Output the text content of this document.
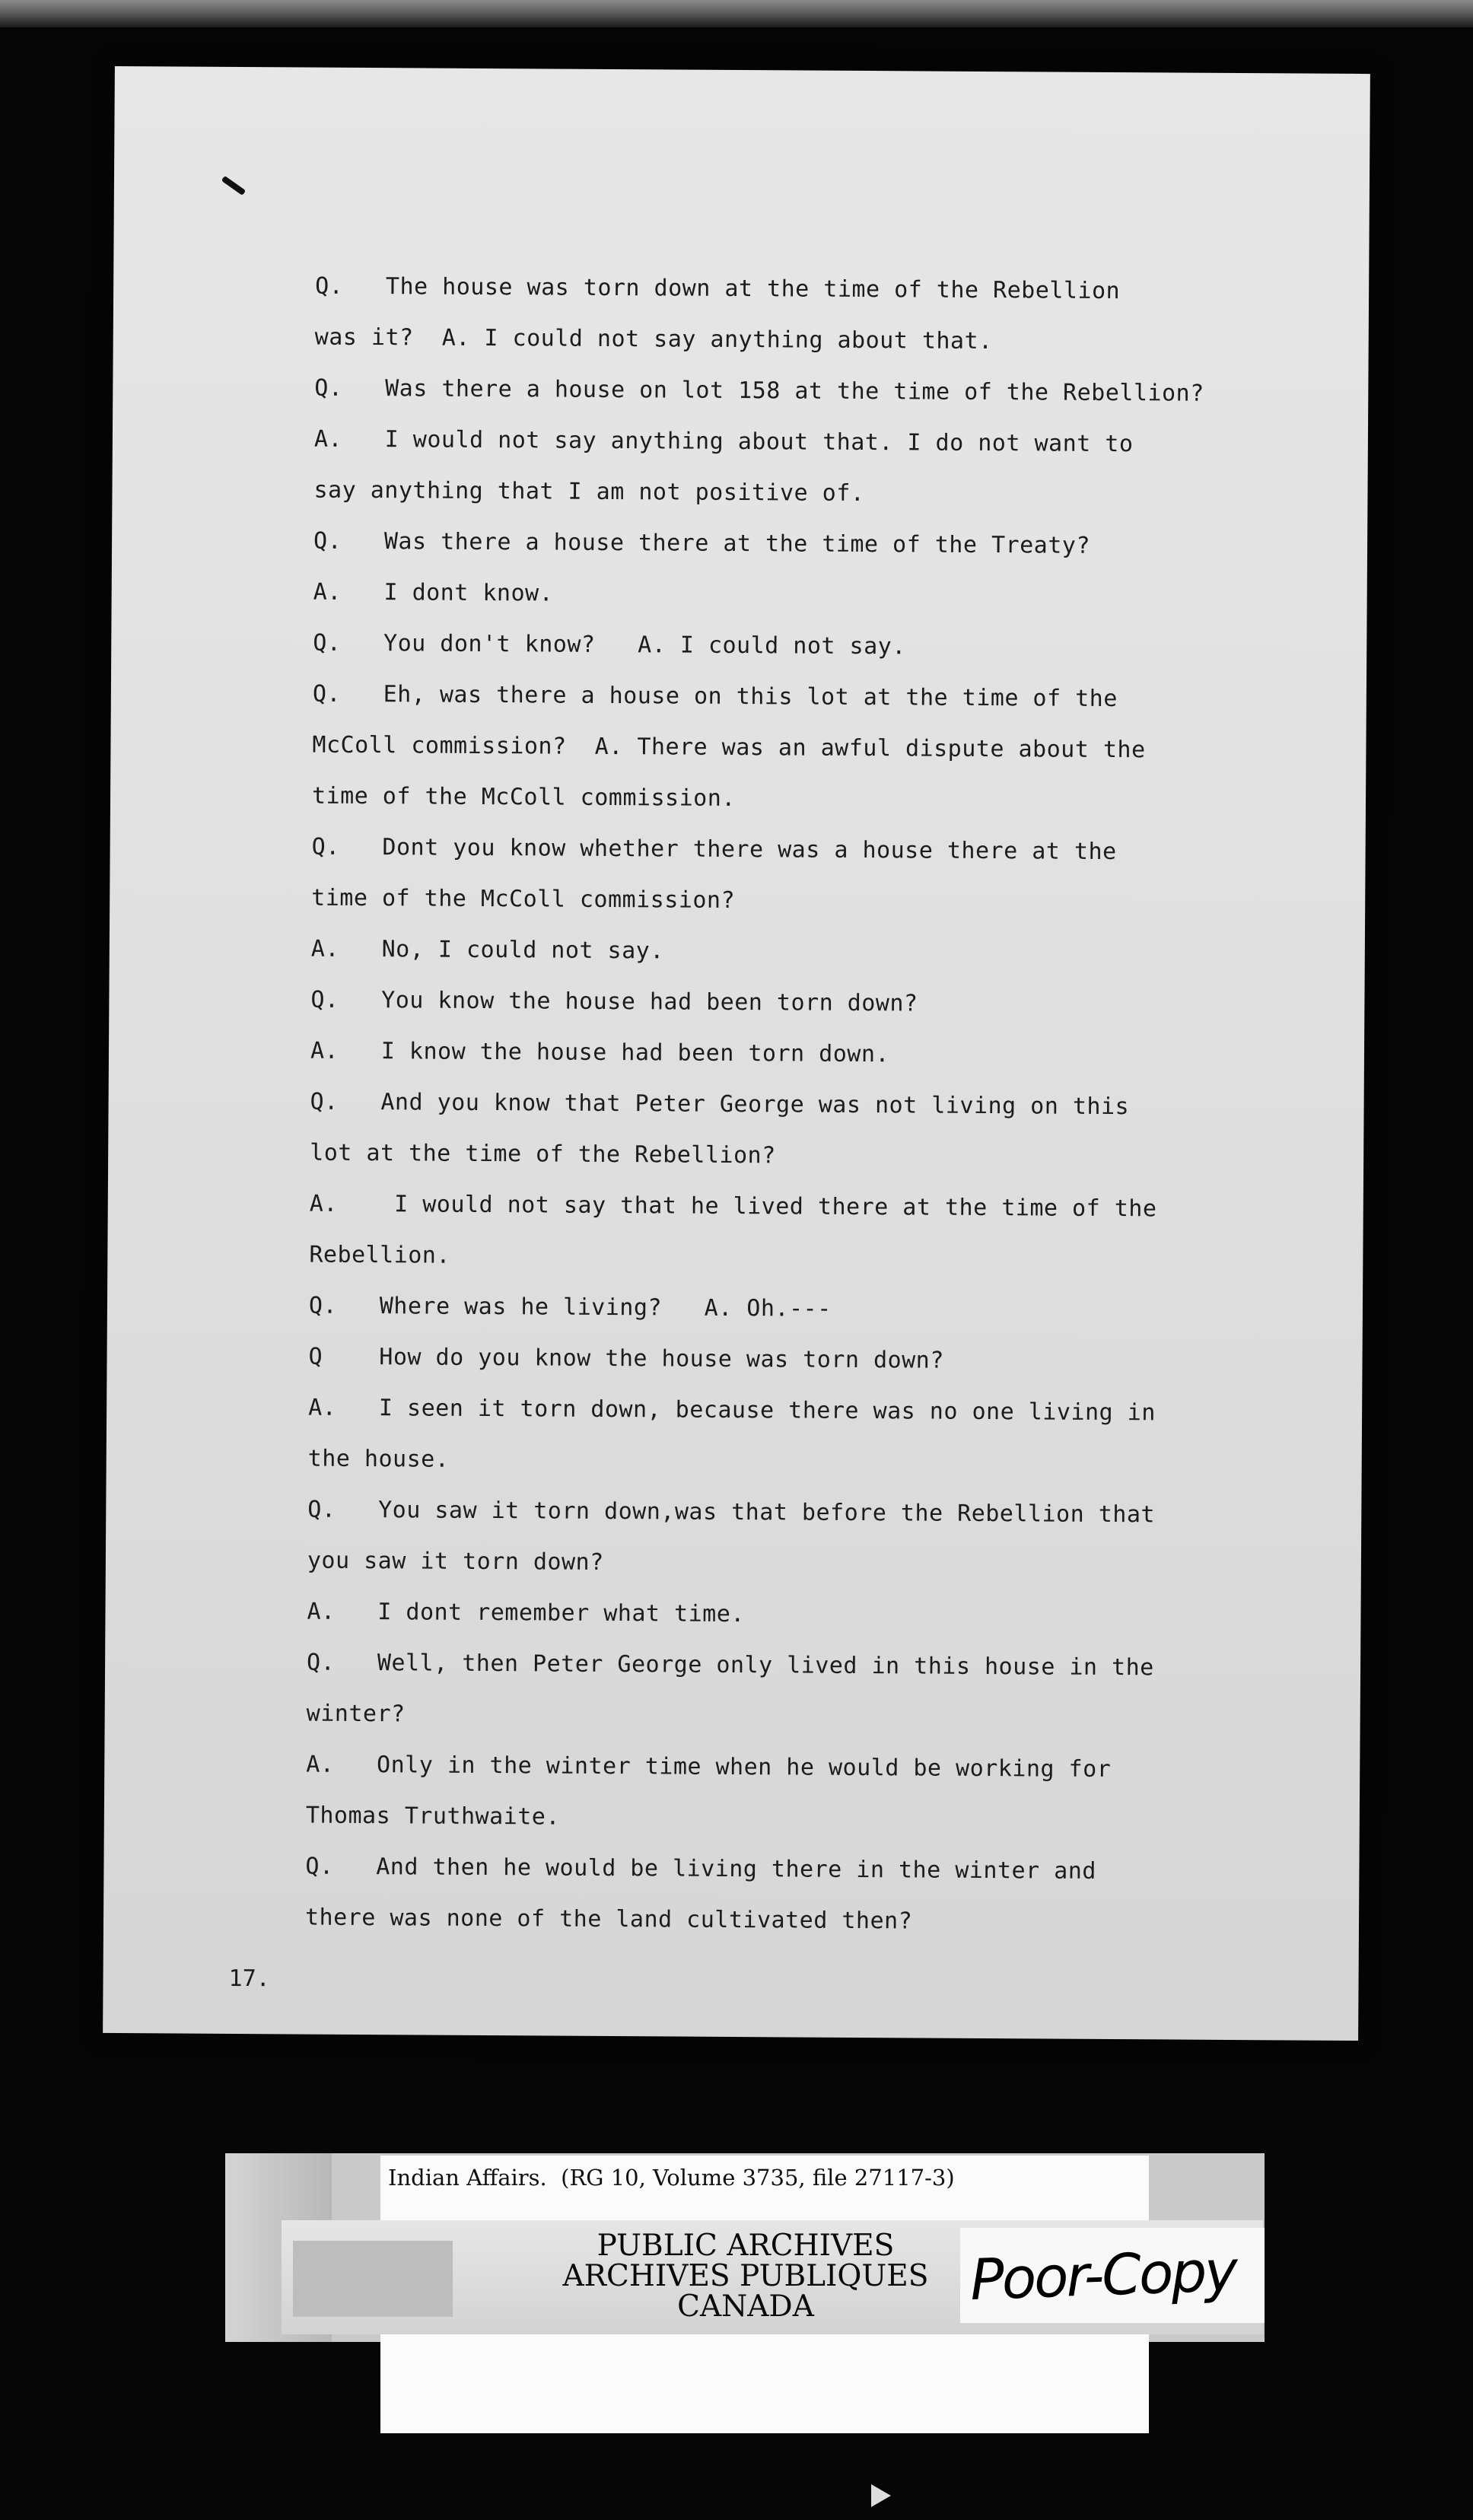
Q.   The house was torn down at the time of the Rebellion
was it?  A. I could not say anything about that.
Q.   Was there a house on lot 158 at the time of the Rebellion?
A.   I would not say anything about that. I do not want to
say anything that I am not positive of.
Q.   Was there a house there at the time of the Treaty?
A.   I dont know.
Q.   You don't know?   A. I could not say.
Q.   Eh, was there a house on this lot at the time of the
McColl commission?  A. There was an awful dispute about the
time of the McColl commission.
Q.   Dont you know whether there was a house there at the
time of the McColl commission?
A.   No, I could not say.
Q.   You know the house had been torn down?
A.   I know the house had been torn down.
Q.   And you know that Peter George was not living on this
lot at the time of the Rebellion?
A.    I would not say that he lived there at the time of the
Rebellion.
Q.   Where was he living?   A. Oh.---
Q    How do you know the house was torn down?
A.   I seen it torn down, because there was no one living in
the house.
Q.   You saw it torn down,was that before the Rebellion that
you saw it torn down?
A.   I dont remember what time.
Q.   Well, then Peter George only lived in this house in the
winter?
A.   Only in the winter time when he would be working for
Thomas Truthwaite.
Q.   And then he would be living there in the winter and
there was none of the land cultivated then?
17.
Indian Affairs.  (RG 10, Volume 3735, file 27117-3)
PUBLIC ARCHIVES
ARCHIVES PUBLIQUES
CANADA	Poor-Copy
